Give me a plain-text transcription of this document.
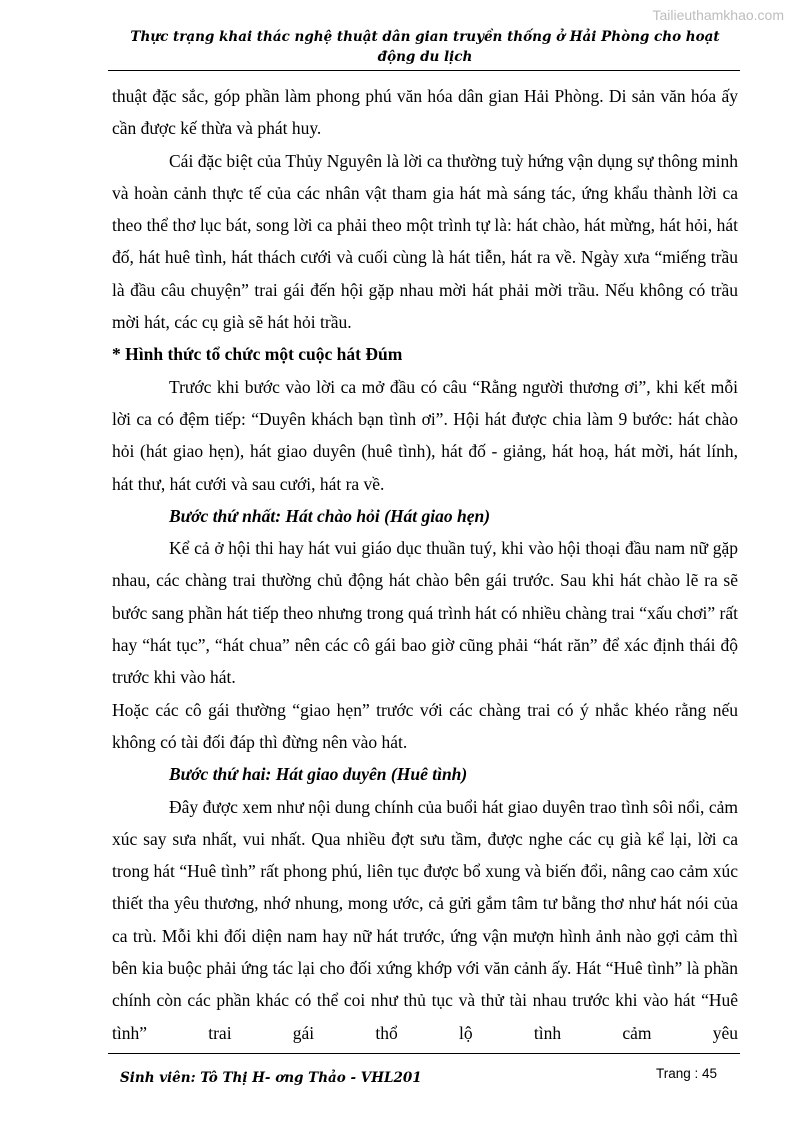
Tailieuthamkhao.com
Thực trạng khai thác nghệ thuật dân gian truyền thống ở Hải Phòng cho hoạt động du lịch

thuật đặc sắc, góp phần làm phong phú văn hóa dân gian Hải Phòng. Di sản văn hóa ấy cần được kế thừa và phát huy.

Cái đặc biệt của Thủy Nguyên là lời ca thường tuỳ hứng vận dụng sự thông minh và hoàn cảnh thực tế của các nhân vật tham gia hát mà sáng tác, ứng khẩu thành lời ca theo thể thơ lục bát, song lời ca phải theo một trình tự là: hát chào, hát mừng, hát hỏi, hát đố, hát huê tình, hát thách cưới và cuối cùng là hát tiễn, hát ra về. Ngày xưa “miếng trầu là đầu câu chuyện” trai gái đến hội gặp nhau mời hát phải mời trầu. Nếu không có trầu mời hát, các cụ già sẽ hát hỏi trầu.

* Hình thức tổ chức một cuộc hát Đúm

Trước khi bước vào lời ca mở đầu có câu “Rằng người thương ơi”, khi kết mỗi lời ca có đệm tiếp: “Duyên khách bạn tình ơi”. Hội hát được chia làm 9 bước: hát chào hỏi (hát giao hẹn), hát giao duyên (huê tình), hát đố - giảng, hát hoạ, hát mời, hát lính, hát thư, hát cưới và sau cưới, hát ra về.

Bước thứ nhất: Hát chào hỏi (Hát giao hẹn)

Kể cả ở hội thi hay hát vui giáo dục thuần tuý, khi vào hội thoại đầu nam nữ gặp nhau, các chàng trai thường chủ động hát chào bên gái trước. Sau khi hát chào lẽ ra sẽ bước sang phần hát tiếp theo nhưng trong quá trình hát có nhiều chàng trai “xấu chơi” rất hay “hát tục”, “hát chua” nên các cô gái bao giờ cũng phải “hát răn” để xác định thái độ trước khi vào hát.

Hoặc các cô gái thường “giao hẹn” trước với các chàng trai có ý nhắc khéo rằng nếu không có tài đối đáp thì đừng nên vào hát.

Bước thứ hai: Hát giao duyên (Huê tình)

Đây được xem như nội dung chính của buổi hát giao duyên trao tình sôi nổi, cảm xúc say sưa nhất, vui nhất. Qua nhiều đợt sưu tầm, được nghe các cụ già kể lại, lời ca trong hát “Huê tình” rất phong phú, liên tục được bổ xung và biến đổi, nâng cao cảm xúc thiết tha yêu thương, nhớ nhung, mong ước, cả gửi gắm tâm tư bằng thơ như hát nói của ca trù. Mỗi khi đối diện nam hay nữ hát trước, ứng vận mượn hình ảnh nào gợi cảm thì bên kia buộc phải ứng tác lại cho đối xứng khớp với văn cảnh ấy. Hát “Huê tình” là phần chính còn các phần khác có thể coi như thủ tục và thử tài nhau trước khi vào hát “Huê tình” trai gái thổ lộ tình cảm yêu

Sinh viên: Tô Thị H- ơng Thảo - VHL201	Trang : 45
